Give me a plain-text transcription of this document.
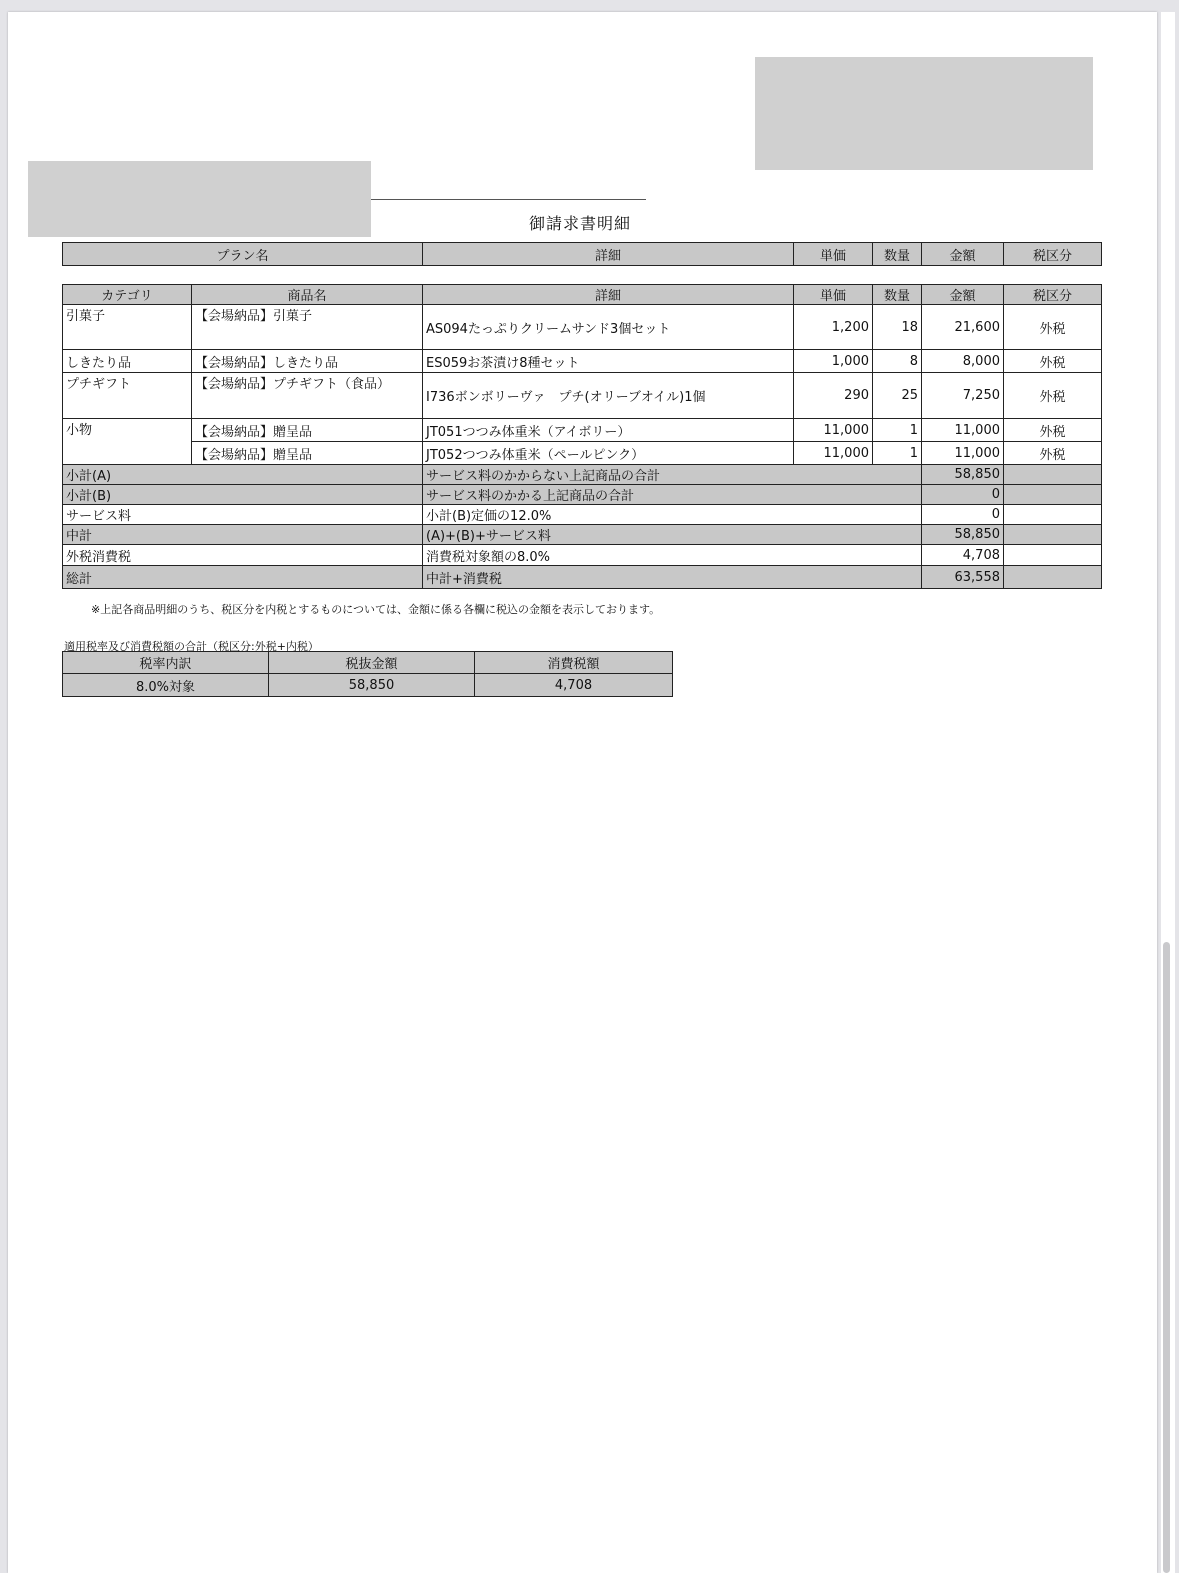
御請求書明細
プラン名	詳細	単価	数量	金額	税区分
カテゴリ	商品名	詳細	単価	数量	金額	税区分
引菓子	【会場納品】引菓子	AS094たっぷりクリームサンド3個セット	1,200	18	21,600	外税
しきたり品	【会場納品】しきたり品	ES059お茶漬け8種セット	1,000	8	8,000	外税
プチギフト	【会場納品】プチギフト（食品）	I736ボンボリーヴァ　プチ(オリーブオイル)1個	290	25	7,250	外税
小物	【会場納品】贈呈品	JT051つつみ体重米（アイボリー）	11,000	1	11,000	外税
	【会場納品】贈呈品	JT052つつみ体重米（ペールピンク）	11,000	1	11,000	外税
小計(A)		サービス料のかからない上記商品の合計			58,850	
小計(B)		サービス料のかかる上記商品の合計			0	
サービス料		小計(B)定価の12.0%			0	
中計		(A)+(B)+サービス料			58,850	
外税消費税		消費税対象額の8.0%			4,708	
総計		中計+消費税			63,558	
※上記各商品明細のうち、税区分を内税とするものについては、金額に係る各欄に税込の金額を表示しております。
適用税率及び消費税額の合計（税区分:外税+内税）
税率内訳	税抜金額	消費税額
8.0%対象	58,850	4,708
